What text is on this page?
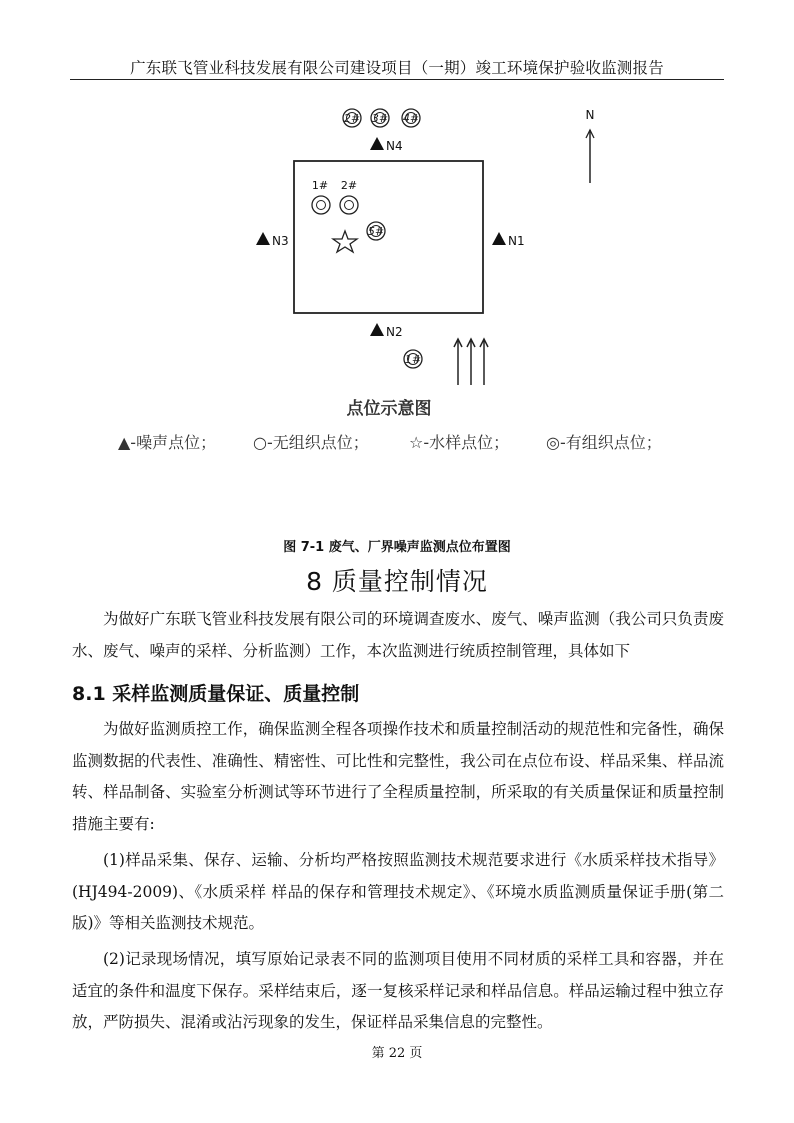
广东联飞管业科技发展有限公司建设项目（一期）竣工环境保护验收监测报告
2# 3# 4#
N4
N
1# 2#
5#
N3	N1
N2
1#
点位示意图
▲-噪声点位； ○-无组织点位；	☆-水样点位； ◎-有组织点位；
图 7-1 废气、厂界噪声监测点位布置图
8 质量控制情况

为做好广东联飞管业科技发展有限公司的环境调查废水、废气、噪声监测（我公司只负责废水、废气、噪声的采样、分析监测）工作，本次监测进行统质控制管理，具体如下

8.1 采样监测质量保证、质量控制

为做好监测质控工作，确保监测全程各项操作技术和质量控制活动的规范性和完备性，确保监测数据的代表性、准确性、精密性、可比性和完整性，我公司在点位布设、样品采集、样品流转、样品制备、实验室分析测试等环节进行了全程质量控制，所采取的有关质量保证和质量控制措施主要有:

(1)样品采集、保存、运输、分析均严格按照监测技术规范要求进行《水质采样技术指导》(HJ494-2009)、《水质采样 样品的保存和管理技术规定》、《环境水质监测质量保证手册(第二版)》等相关监测技术规范。

(2)记录现场情况，填写原始记录表不同的监测项目使用不同材质的采样工具和容器，并在适宜的条件和温度下保存。采样结束后，逐一复核采样记录和样品信息。样品运输过程中独立存放，严防损失、混淆或沾污现象的发生，保证样品采集信息的完整性。

第 22 页
